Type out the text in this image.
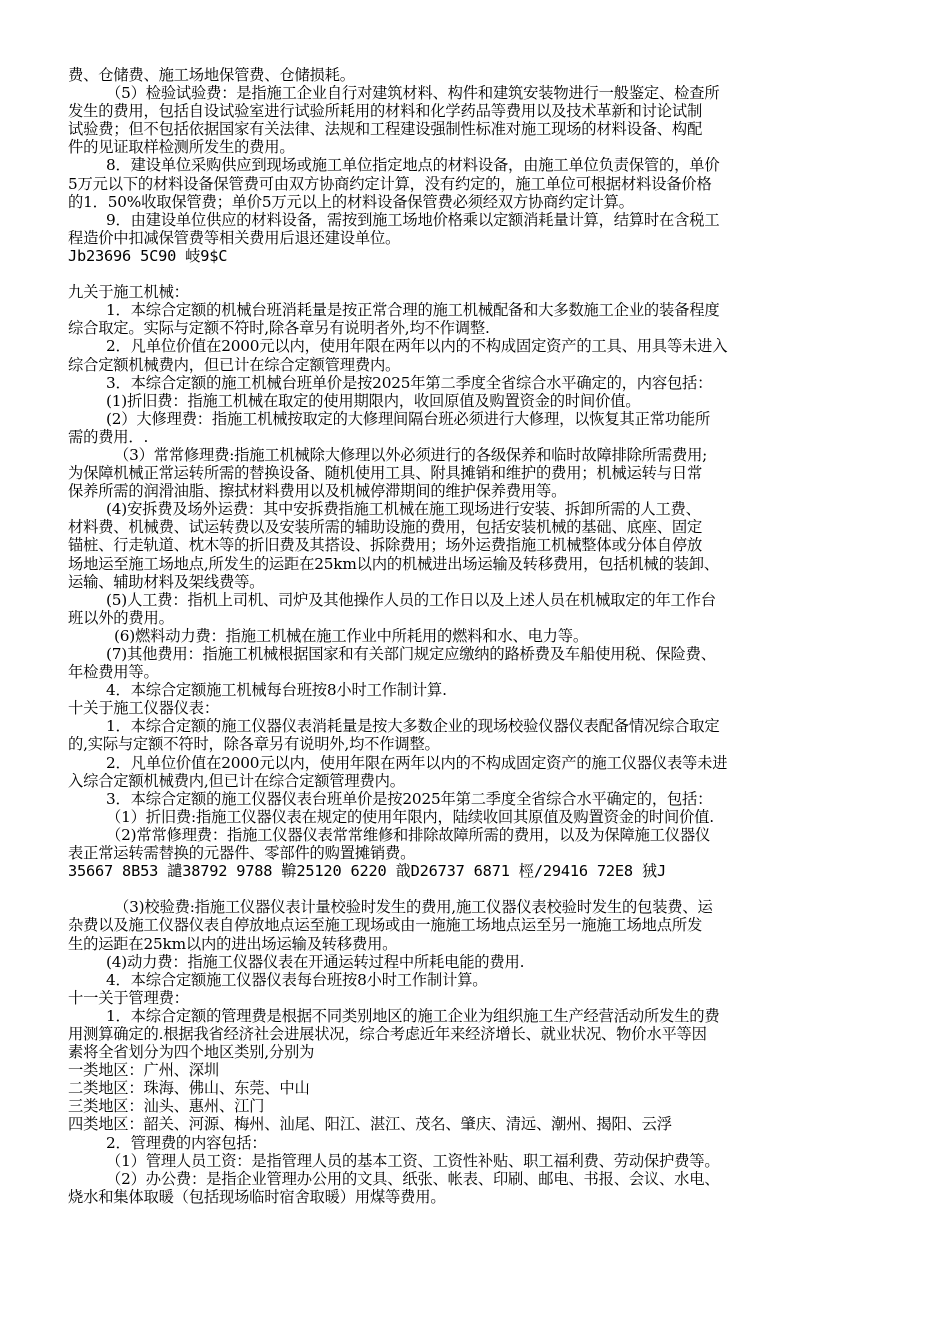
费、仓储费、施工场地保管费、仓储损耗。
（5）检验试验费：是指施工企业自行对建筑材料、构件和建筑安装物进行一般鉴定、检查所
发生的费用，包括自设试验室进行试验所耗用的材料和化学药品等费用以及技术革新和讨论试制
试验费；但不包括依据国家有关法律、法规和工程建设强制性标准对施工现场的材料设备、构配
件的见证取样检测所发生的费用。
8．建设单位采购供应到现场或施工单位指定地点的材料设备，由施工单位负责保管的，单价
5万元以下的材料设备保管费可由双方协商约定计算，没有约定的，施工单位可根据材料设备价格
的1．50%收取保管费；单价5万元以上的材料设备保管费必须经双方协商约定计算。
9．由建设单位供应的材料设备，需按到施工场地价格乘以定额消耗量计算，结算时在含税工
程造价中扣减保管费等相关费用后退还建设单位。
Jb23696 5C90 岐9$C
九关于施工机械：
1．本综合定额的机械台班消耗量是按正常合理的施工机械配备和大多数施工企业的装备程度
综合取定。实际与定额不符时,除各章另有说明者外,均不作调整.
2．凡单位价值在2000元以内，使用年限在两年以内的不构成固定资产的工具、用具等未进入
综合定额机械费内，但已计在综合定额管理费内。
3．本综合定额的施工机械台班单价是按2025年第二季度全省综合水平确定的，内容包括：
(1)折旧费：指施工机械在取定的使用期限内，收回原值及购置资金的时间价值。
(2）大修理费：指施工机械按取定的大修理间隔台班必须进行大修理，以恢复其正常功能所
需的费用．.
（3）常常修理费:指施工机械除大修理以外必须进行的各级保养和临时故障排除所需费用;
为保障机械正常运转所需的替换设备、随机使用工具、附具摊销和维护的费用；机械运转与日常
保养所需的润滑油脂、擦拭材料费用以及机械停滞期间的维护保养费用等。
(4)安拆费及场外运费：其中安拆费指施工机械在施工现场进行安装、拆卸所需的人工费、
材料费、机械费、试运转费以及安装所需的辅助设施的费用，包括安装机械的基础、底座、固定
锚桩、行走轨道、枕木等的折旧费及其搭设、拆除费用；场外运费指施工机械整体或分体自停放
场地运至施工场地点,所发生的运距在25km以内的机械进出场运输及转移费用，包括机械的装卸、
运输、辅助材料及架线费等。
(5)人工费：指机上司机、司炉及其他操作人员的工作日以及上述人员在机械取定的年工作台
班以外的费用。
(6)燃料动力费：指施工机械在施工作业中所耗用的燃料和水、电力等。
(7)其他费用：指施工机械根据国家和有关部门规定应缴纳的路桥费及车船使用税、保险费、
年检费用等。
4．本综合定额施工机械每台班按8小时工作制计算.
十关于施工仪器仪表：
1．本综合定额的施工仪器仪表消耗量是按大多数企业的现场校验仪器仪表配备情况综合取定
的,实际与定额不符时，除各章另有说明外,均不作调整。
2．凡单位价值在2000元以内，使用年限在两年以内的不构成固定资产的施工仪器仪表等未进
入综合定额机械费内,但已计在综合定额管理费内。
3．本综合定额的施工仪器仪表台班单价是按2025年第二季度全省综合水平确定的，包括：
（1）折旧费:指施工仪器仪表在规定的使用年限内，陆续收回其原值及购置资金的时间价值.
（2)常常修理费：指施工仪器仪表常常维修和排除故障所需的费用，以及为保障施工仪器仪
表正常运转需替换的元器件、零部件的购置摊销费。
35667 8B53 譴38792 9788 鞥25120 6220 戠D26737 6871 桱/29416 72E8 狨J
（3)校验费:指施工仪器仪表计量校验时发生的费用,施工仪器仪表校验时发生的包装费、运
杂费以及施工仪器仪表自停放地点运至施工现场或由一施施工场地点运至另一施施工场地点所发
生的运距在25km以内的进出场运输及转移费用。
(4)动力费：指施工仪器仪表在开通运转过程中所耗电能的费用.
4．本综合定额施工仪器仪表每台班按8小时工作制计算。
十一关于管理费：
1．本综合定额的管理费是根据不同类别地区的施工企业为组织施工生产经营活动所发生的费
用测算确定的.根据我省经济社会进展状况，综合考虑近年来经济增长、就业状况、物价水平等因
素将全省划分为四个地区类别,分别为
一类地区：广州、深圳
二类地区：珠海、佛山、东莞、中山
三类地区：汕头、惠州、江门
四类地区：韶关、河源、梅州、汕尾、阳江、湛江、茂名、肇庆、清远、潮州、揭阳、云浮
2．管理费的内容包括：
（1）管理人员工资：是指管理人员的基本工资、工资性补贴、职工福利费、劳动保护费等。
（2）办公费：是指企业管理办公用的文具、纸张、帐表、印刷、邮电、书报、会议、水电、
烧水和集体取暖（包括现场临时宿舍取暖）用煤等费用。
